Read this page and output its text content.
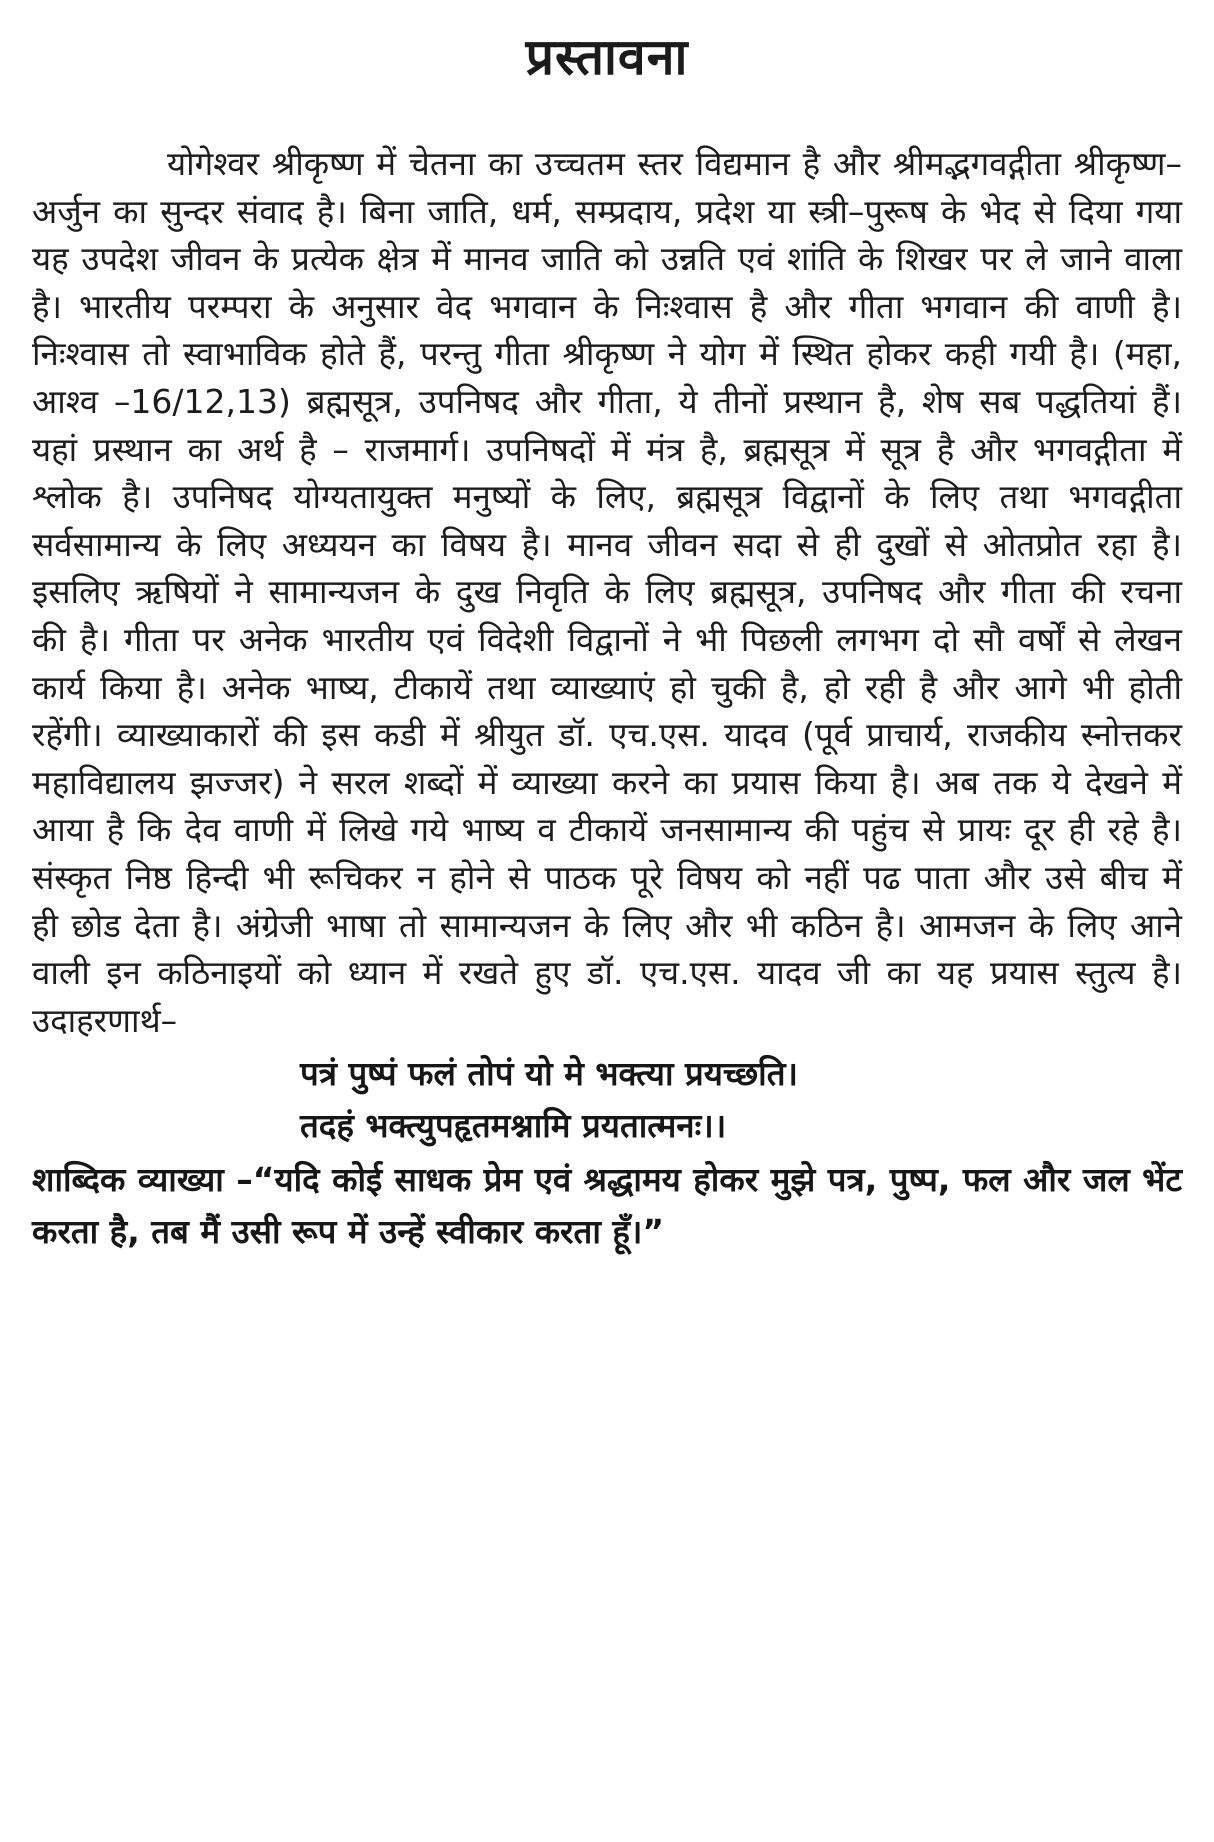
प्रस्तावना

योगेश्वर श्रीकृष्ण में चेतना का उच्चतम स्तर विद्यमान है और श्रीमद्भगवद्गीता श्रीकृष्ण–अर्जुन का सुन्दर संवाद है। बिना जाति, धर्म, सम्प्रदाय, प्रदेश या स्त्री–पुरूष के भेद से दिया गया यह उपदेश जीवन के प्रत्येक क्षेत्र में मानव जाति को उन्नति एवं शांति के शिखर पर ले जाने वाला है। भारतीय परम्परा के अनुसार वेद भगवान के निःश्वास है और गीता भगवान की वाणी है। निःश्वास तो स्वाभाविक होते हैं, परन्तु गीता श्रीकृष्ण ने योग में स्थित होकर कही गयी है। (महा, आश्व –16/12,13) ब्रह्मसूत्र, उपनिषद और गीता, ये तीनों प्रस्थान है, शेष सब पद्धतियां हैं। यहां प्रस्थान का अर्थ है – राजमार्ग। उपनिषदों में मंत्र है, ब्रह्मसूत्र में सूत्र है और भगवद्गीता में श्लोक है। उपनिषद योग्यतायुक्त मनुष्यों के लिए, ब्रह्मसूत्र विद्वानों के लिए तथा भगवद्गीता सर्वसामान्य के लिए अध्ययन का विषय है। मानव जीवन सदा से ही दुखों से ओतप्रोत रहा है। इसलिए ऋषियों ने सामान्यजन के दुख निवृति के लिए ब्रह्मसूत्र, उपनिषद और गीता की रचना की है। गीता पर अनेक भारतीय एवं विदेशी विद्वानों ने भी पिछली लगभग दो सौ वर्षों से लेखन कार्य किया है। अनेक भाष्य, टीकायें तथा व्याख्याएं हो चुकी है, हो रही है और आगे भी होती रहेंगी। व्याख्याकारों की इस कडी में श्रीयुत डॉ. एच.एस. यादव (पूर्व प्राचार्य, राजकीय स्नोत्तकर महाविद्यालय झज्जर) ने सरल शब्दों में व्याख्या करने का प्रयास किया है। अब तक ये देखने में आया है कि देव वाणी में लिखे गये भाष्य व टीकायें जनसामान्य की पहुंच से प्रायः दूर ही रहे है। संस्कृत निष्ठ हिन्दी भी रूचिकर न होने से पाठक पूरे विषय को नहीं पढ पाता और उसे बीच में ही छोड देता है। अंग्रेजी भाषा तो सामान्यजन के लिए और भी कठिन है। आमजन के लिए आने वाली इन कठिनाइयों को ध्यान में रखते हुए डॉ. एच.एस. यादव जी का यह प्रयास स्तुत्य है। उदाहरणार्थ–

पत्रं पुष्पं फलं तोपं यो मे भक्त्या प्रयच्छति।
तदहं भक्त्युपहृतमश्नामि प्रयतात्मनः।।

शाब्दिक व्याख्या –“यदि कोई साधक प्रेम एवं श्रद्धामय होकर मुझे पत्र, पुष्प, फल और जल भेंट करता है, तब मैं उसी रूप में उन्हें स्वीकार करता हूँ।”
